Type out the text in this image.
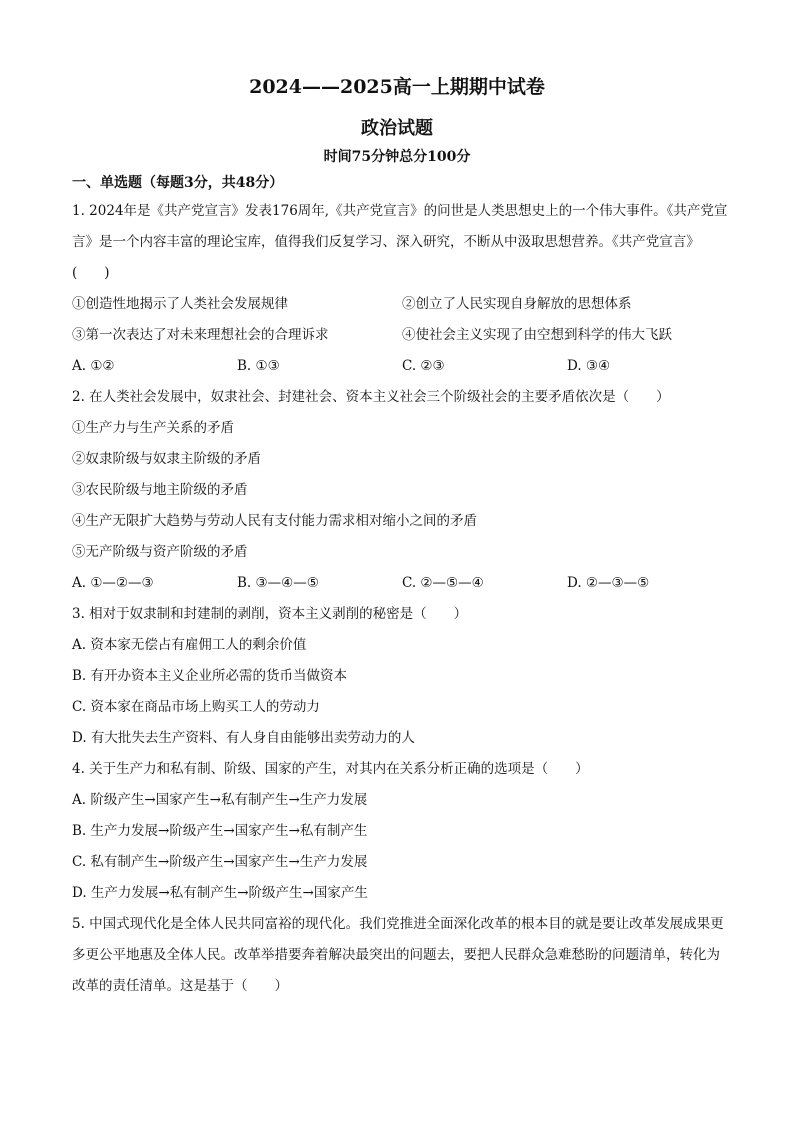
2024——2025高一上期期中试卷
政治试题
时间75分钟总分100分
一、单选题（每题3分，共48分）

1. 2024年是《共产党宣言》发表176周年,《共产党宣言》的问世是人类思想史上的一个伟大事件。《共产党宣言》是一个内容丰富的理论宝库，值得我们反复学习、深入研究，不断从中汲取思想营养。《共产党宣言》(　　)

①创造性地揭示了人类社会发展规律	②创立了人民实现自身解放的思想体系
③第一次表达了对未来理想社会的合理诉求	④使社会主义实现了由空想到科学的伟大飞跃
A. ①②	B. ①③	C. ②③	D. ③④

2. 在人类社会发展中，奴隶社会、封建社会、资本主义社会三个阶级社会的主要矛盾依次是（　　）

①生产力与生产关系的矛盾

②奴隶阶级与奴隶主阶级的矛盾

③农民阶级与地主阶级的矛盾

④生产无限扩大趋势与劳动人民有支付能力需求相对缩小之间的矛盾

⑤无产阶级与资产阶级的矛盾

A. ①—②—③	B. ③—④—⑤	C. ②—⑤—④	D. ②—③—⑤

3. 相对于奴隶制和封建制的剥削，资本主义剥削的秘密是（　　）

A. 资本家无偿占有雇佣工人的剩余价值

B. 有开办资本主义企业所必需的货币当做资本

C. 资本家在商品市场上购买工人的劳动力

D. 有大批失去生产资料、有人身自由能够出卖劳动力的人

4. 关于生产力和私有制、阶级、国家的产生，对其内在关系分析正确的选项是（　　）

A. 阶级产生→国家产生→私有制产生→生产力发展

B. 生产力发展→阶级产生→国家产生→私有制产生

C. 私有制产生→阶级产生→国家产生→生产力发展

D. 生产力发展→私有制产生→阶级产生→国家产生

5. 中国式现代化是全体人民共同富裕的现代化。我们党推进全面深化改革的根本目的就是要让改革发展成果更多更公平地惠及全体人民。改革举措要奔着解决最突出的问题去，要把人民群众急难愁盼的问题清单，转化为改革的责任清单。这是基于（　　）
